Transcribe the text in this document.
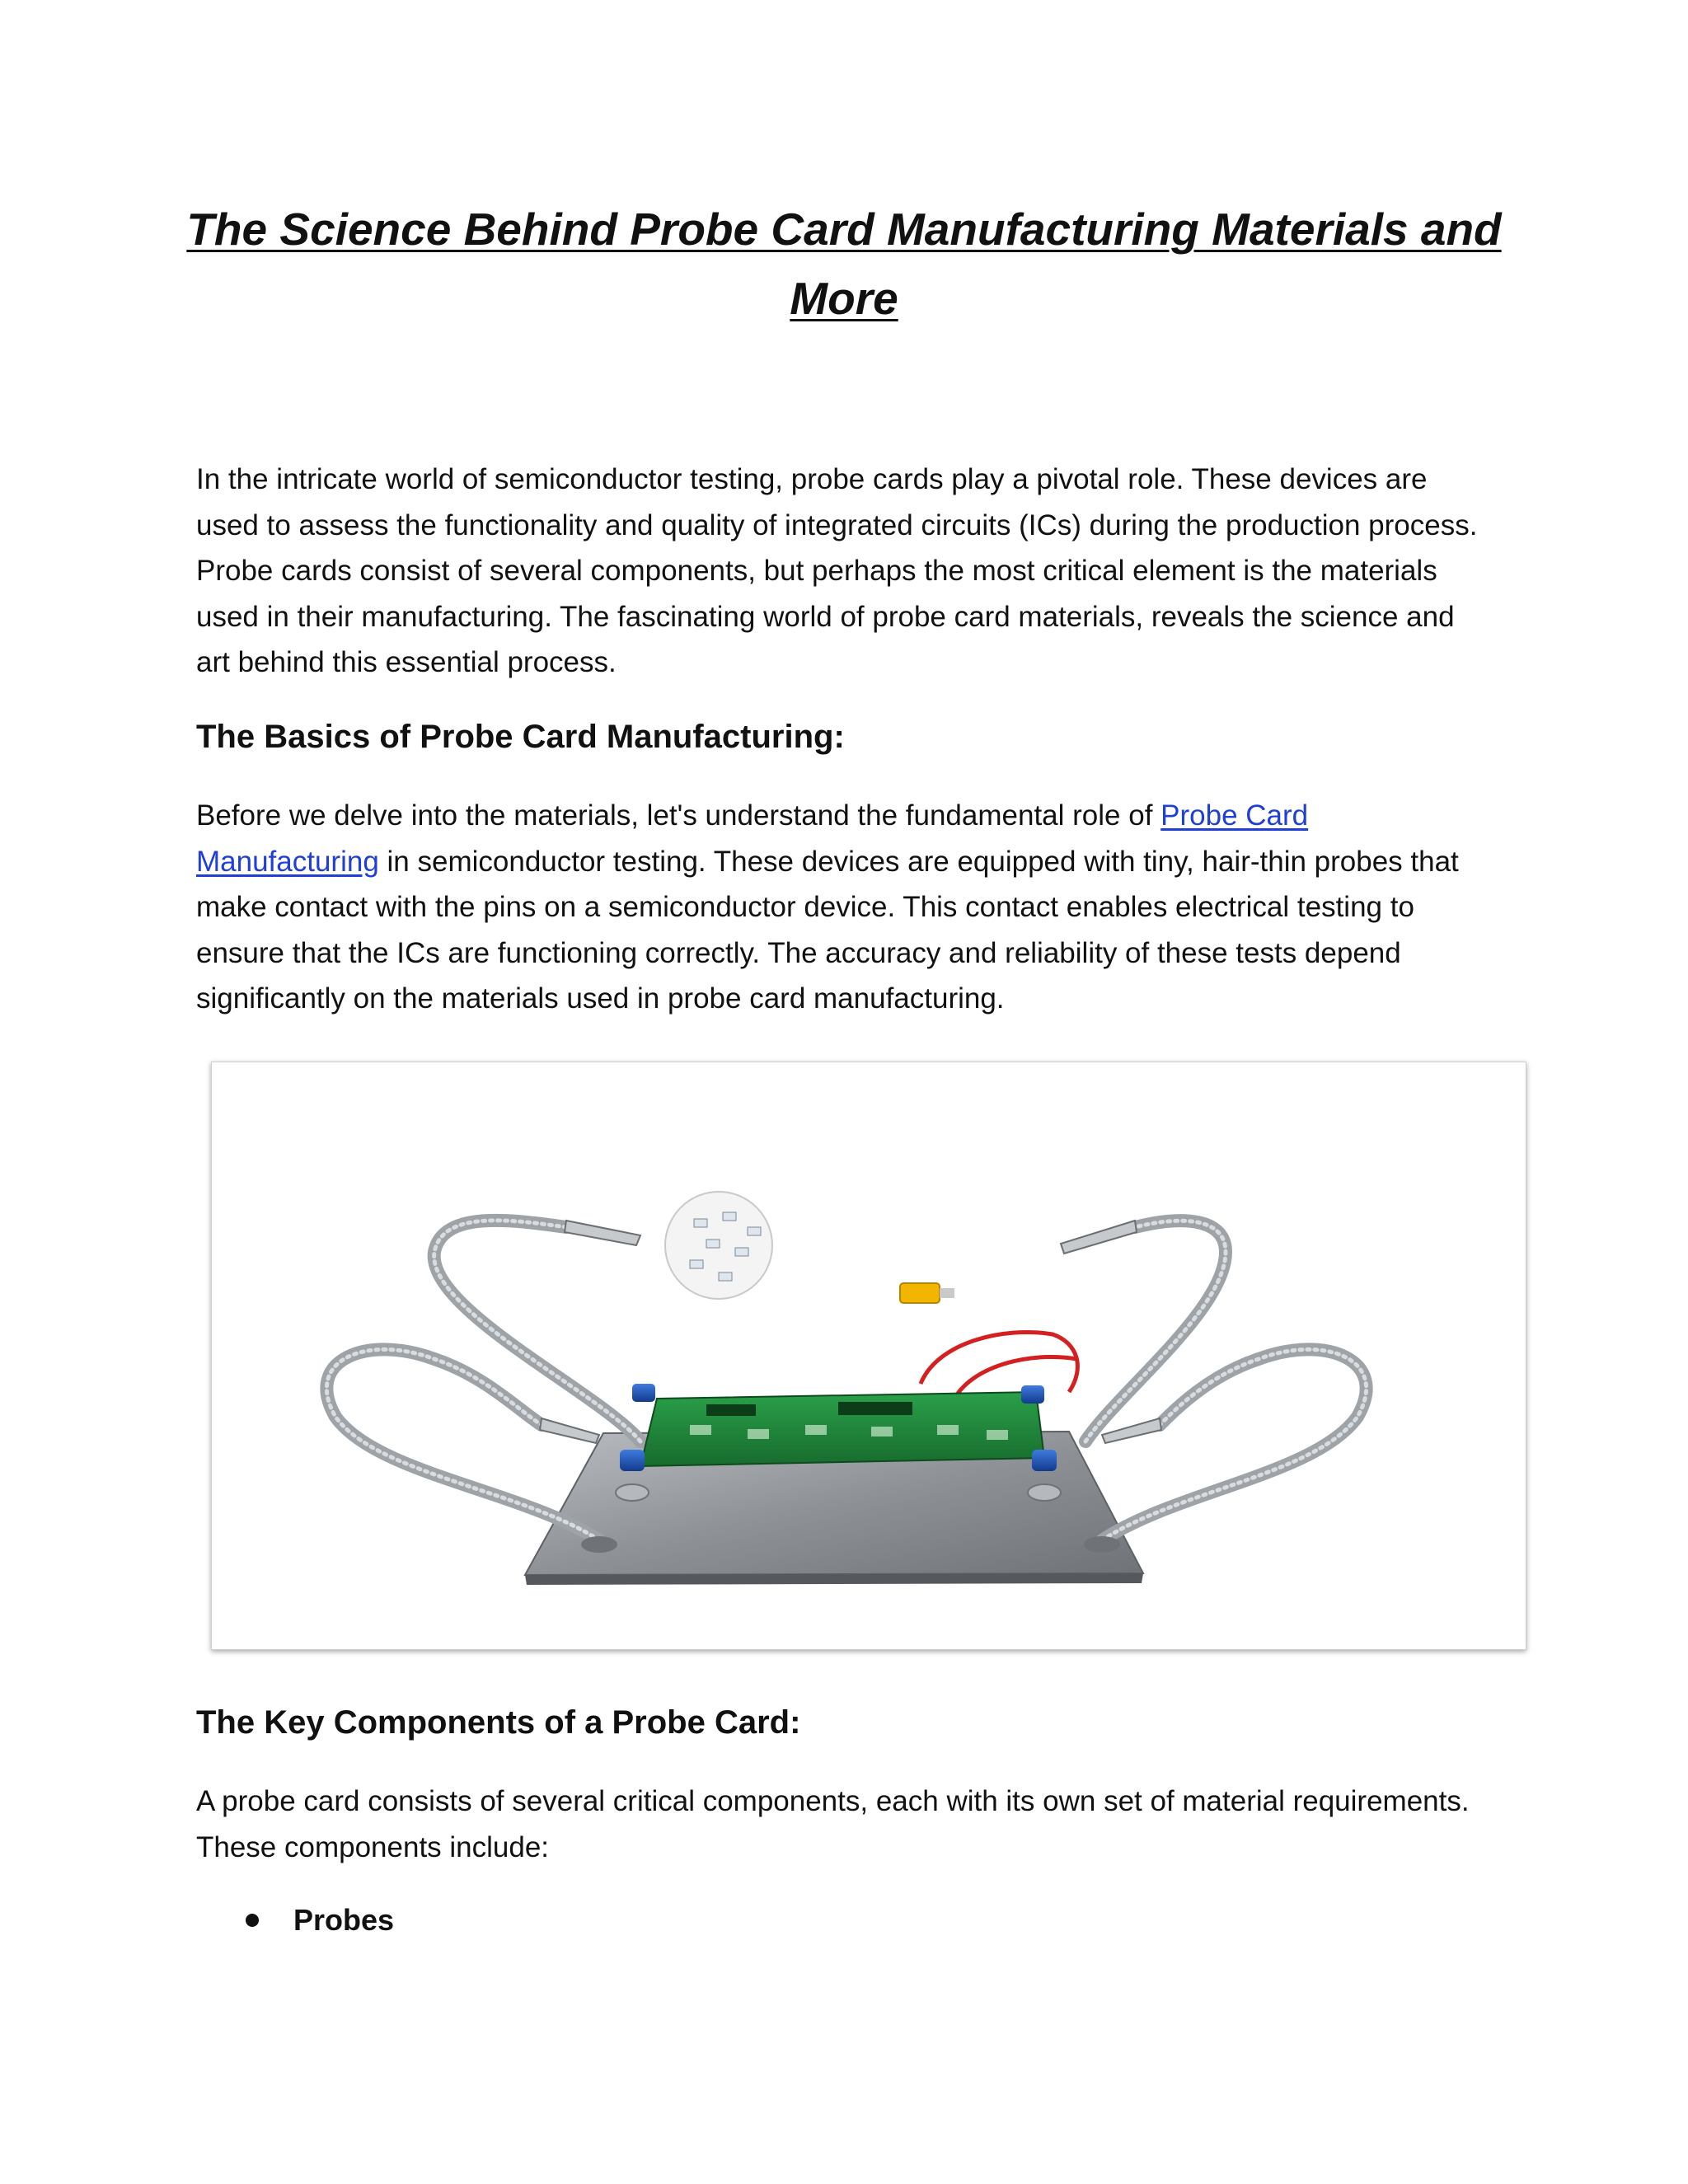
The Science Behind Probe Card Manufacturing Materials and More

In the intricate world of semiconductor testing, probe cards play a pivotal role. These devices are used to assess the functionality and quality of integrated circuits (ICs) during the production process. Probe cards consist of several components, but perhaps the most critical element is the materials used in their manufacturing. The fascinating world of probe card materials, reveals the science and art behind this essential process.

The Basics of Probe Card Manufacturing:

Before we delve into the materials, let's understand the fundamental role of Probe Card Manufacturing in semiconductor testing. These devices are equipped with tiny, hair-thin probes that make contact with the pins on a semiconductor device. This contact enables electrical testing to ensure that the ICs are functioning correctly. The accuracy and reliability of these tests depend significantly on the materials used in probe card manufacturing.

The Key Components of a Probe Card:

A probe card consists of several critical components, each with its own set of material requirements. These components include:

Probes
